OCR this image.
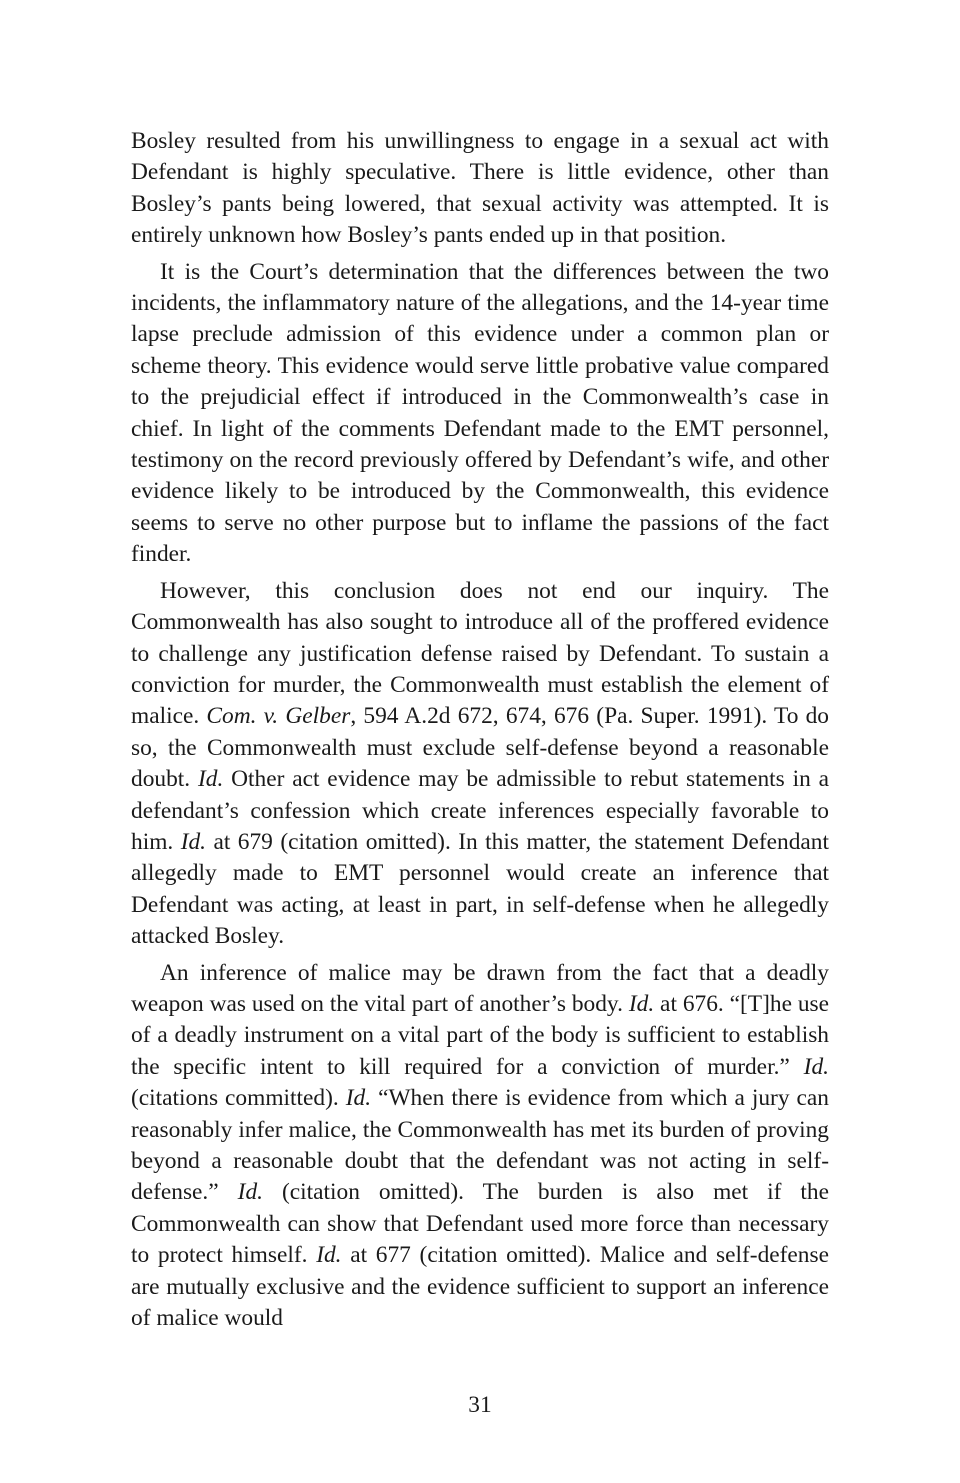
Bosley resulted from his unwillingness to engage in a sexual act with Defendant is highly speculative. There is little evidence, other than Bosley’s pants being lowered, that sexual activity was attempted. It is entirely unknown how Bosley’s pants ended up in that position.

It is the Court’s determination that the differences between the two incidents, the inflammatory nature of the allegations, and the 14-year time lapse preclude admission of this evidence under a common plan or scheme theory. This evidence would serve little probative value compared to the prejudicial effect if introduced in the Commonwealth’s case in chief. In light of the comments Defendant made to the EMT personnel, testimony on the record previously offered by Defendant’s wife, and other evidence likely to be introduced by the Commonwealth, this evidence seems to serve no other purpose but to inflame the passions of the fact finder.

However, this conclusion does not end our inquiry. The Commonwealth has also sought to introduce all of the proffered evidence to challenge any justification defense raised by Defendant. To sustain a conviction for murder, the Commonwealth must establish the element of malice. Com. v. Gelber, 594 A.2d 672, 674, 676 (Pa. Super. 1991). To do so, the Commonwealth must exclude self-defense beyond a reasonable doubt. Id. Other act evidence may be admissible to rebut statements in a defendant’s confession which create inferences especially favorable to him. Id. at 679 (citation omitted). In this matter, the statement Defendant allegedly made to EMT personnel would create an inference that Defendant was acting, at least in part, in self-defense when he allegedly attacked Bosley.

An inference of malice may be drawn from the fact that a deadly weapon was used on the vital part of another’s body. Id. at 676. “[T]he use of a deadly instrument on a vital part of the body is sufficient to establish the specific intent to kill required for a conviction of murder.” Id. (citations committed). Id. “When there is evidence from which a jury can reasonably infer malice, the Commonwealth has met its burden of proving beyond a reasonable doubt that the defendant was not acting in self-defense.” Id. (citation omitted). The burden is also met if the Commonwealth can show that Defendant used more force than necessary to protect himself. Id. at 677 (citation omitted). Malice and self-defense are mutually exclusive and the evidence sufficient to support an inference of malice would

31
